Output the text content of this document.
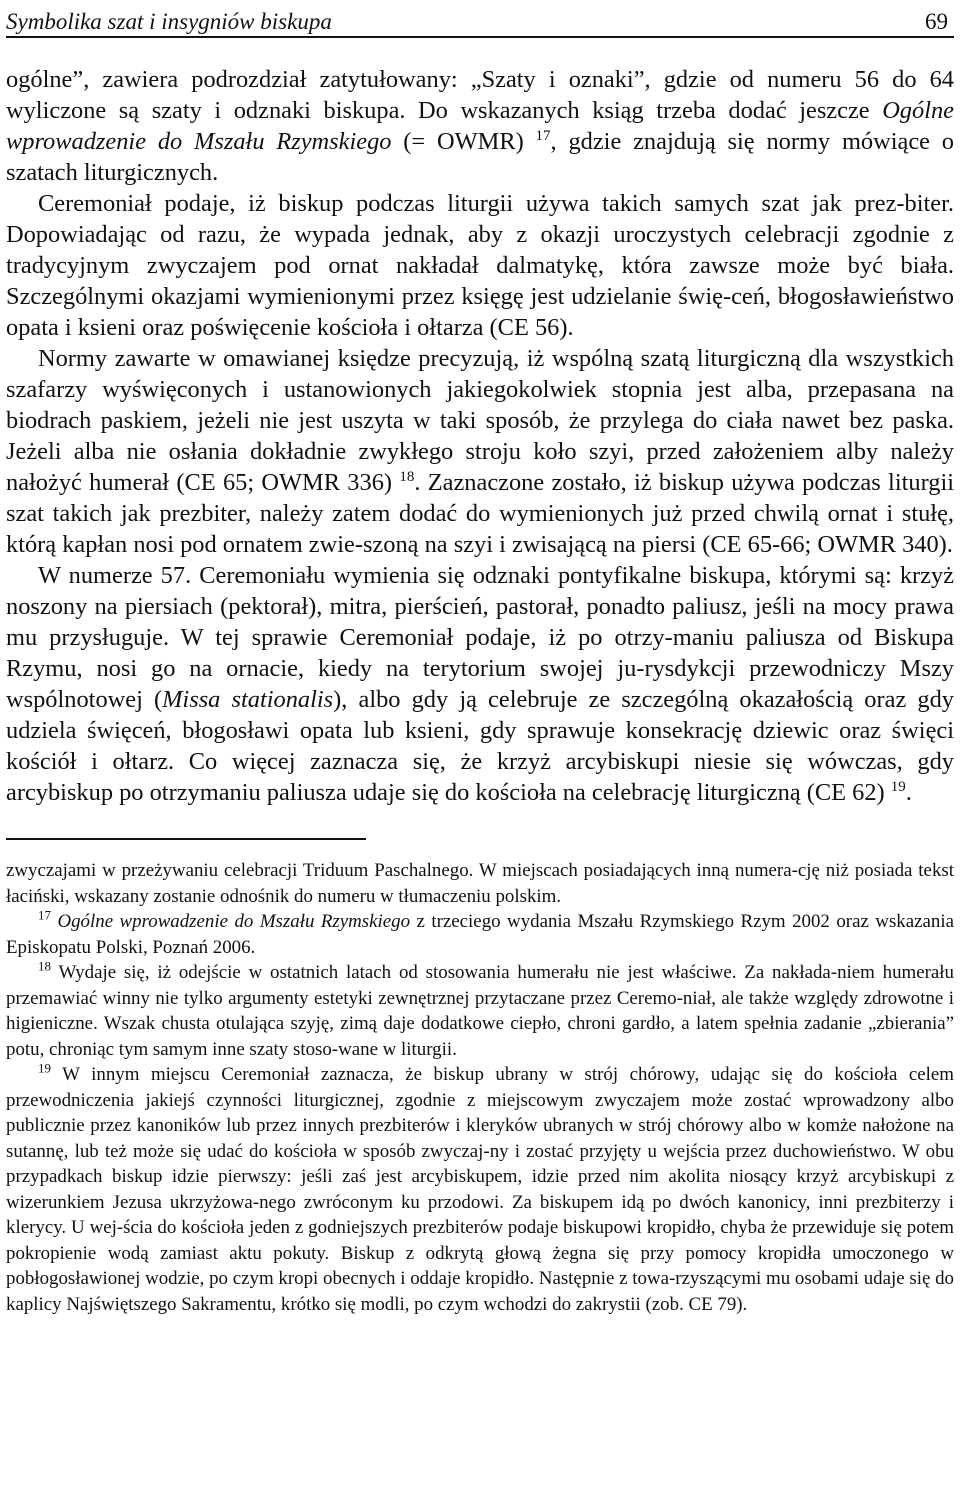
Symbolika szat i insygniów biskupa	69

ogólne”, zawiera podrozdział zatytułowany: „Szaty i oznaki”, gdzie od numeru 56 do 64 wyliczone są szaty i odznaki biskupa. Do wskazanych ksiąg trzeba dodać jeszcze Ogólne wprowadzenie do Mszału Rzymskiego (= OWMR) $^{17}$, gdzie znajdują się normy mówiące o szatach liturgicznych.

Ceremoniał podaje, iż biskup podczas liturgii używa takich samych szat jak prez-biter. Dopowiadając od razu, że wypada jednak, aby z okazji uroczystych celebracji zgodnie z tradycyjnym zwyczajem pod ornat nakładał dalmatykę, która zawsze może być biała. Szczególnymi okazjami wymienionymi przez księgę jest udzielanie świę-ceń, błogosławieństwo opata i ksieni oraz poświęcenie kościoła i ołtarza (CE 56).

Normy zawarte w omawianej księdze precyzują, iż wspólną szatą liturgiczną dla wszystkich szafarzy wyświęconych i ustanowionych jakiegokolwiek stopnia jest alba, przepasana na biodrach paskiem, jeżeli nie jest uszyta w taki sposób, że przylega do ciała nawet bez paska. Jeżeli alba nie osłania dokładnie zwykłego stroju koło szyi, przed założeniem alby należy nałożyć humerał (CE 65; OWMR 336) $^{18}$. Zaznaczone zostało, iż biskup używa podczas liturgii szat takich jak prezbiter, należy zatem dodać do wymienionych już przed chwilą ornat i stułę, którą kapłan nosi pod ornatem zwie-szoną na szyi i zwisającą na piersi (CE 65-66; OWMR 340).

W numerze 57. Ceremoniału wymienia się odznaki pontyfikalne biskupa, którymi są: krzyż noszony na piersiach (pektorał), mitra, pierścień, pastorał, ponadto paliusz, jeśli na mocy prawa mu przysługuje. W tej sprawie Ceremoniał podaje, iż po otrzy-maniu paliusza od Biskupa Rzymu, nosi go na ornacie, kiedy na terytorium swojej ju-rysdykcji przewodniczy Mszy wspólnotowej (Missa stationalis), albo gdy ją celebruje ze szczególną okazałością oraz gdy udziela święceń, błogosławi opata lub ksieni, gdy sprawuje konsekrację dziewic oraz święci kościół i ołtarz. Co więcej zaznacza się, że krzyż arcybiskupi niesie się wówczas, gdy arcybiskup po otrzymaniu paliusza udaje się do kościoła na celebrację liturgiczną (CE 62) $^{19}$.

zwyczajami w przeżywaniu celebracji Triduum Paschalnego. W miejscach posiadających inną numera-cję niż posiada tekst łaciński, wskazany zostanie odnośnik do numeru w tłumaczeniu polskim.

$^{17}$ Ogólne wprowadzenie do Mszału Rzymskiego z trzeciego wydania Mszału Rzymskiego Rzym 2002 oraz wskazania Episkopatu Polski, Poznań 2006.

$^{18}$ Wydaje się, iż odejście w ostatnich latach od stosowania humerału nie jest właściwe. Za nakłada-niem humerału przemawiać winny nie tylko argumenty estetyki zewnętrznej przytaczane przez Ceremo-niał, ale także względy zdrowotne i higieniczne. Wszak chusta otulająca szyję, zimą daje dodatkowe ciepło, chroni gardło, a latem spełnia zadanie „zbierania” potu, chroniąc tym samym inne szaty stoso-wane w liturgii.

$^{19}$ W innym miejscu Ceremoniał zaznacza, że biskup ubrany w strój chórowy, udając się do kościoła celem przewodniczenia jakiejś czynności liturgicznej, zgodnie z miejscowym zwyczajem może zostać wprowadzony albo publicznie przez kanoników lub przez innych prezbiterów i kleryków ubranych w strój chórowy albo w komże nałożone na sutannę, lub też może się udać do kościoła w sposób zwyczaj-ny i zostać przyjęty u wejścia przez duchowieństwo. W obu przypadkach biskup idzie pierwszy: jeśli zaś jest arcybiskupem, idzie przed nim akolita niosący krzyż arcybiskupi z wizerunkiem Jezusa ukrzyżowa-nego zwróconym ku przodowi. Za biskupem idą po dwóch kanonicy, inni prezbiterzy i klerycy. U wej-ścia do kościoła jeden z godniejszych prezbiterów podaje biskupowi kropidło, chyba że przewiduje się potem pokropienie wodą zamiast aktu pokuty. Biskup z odkrytą głową żegna się przy pomocy kropidła umoczonego w pobłogosławionej wodzie, po czym kropi obecnych i oddaje kropidło. Następnie z towa-rzyszącymi mu osobami udaje się do kaplicy Najświętszego Sakramentu, krótko się modli, po czym wchodzi do zakrystii (zob. CE 79).
